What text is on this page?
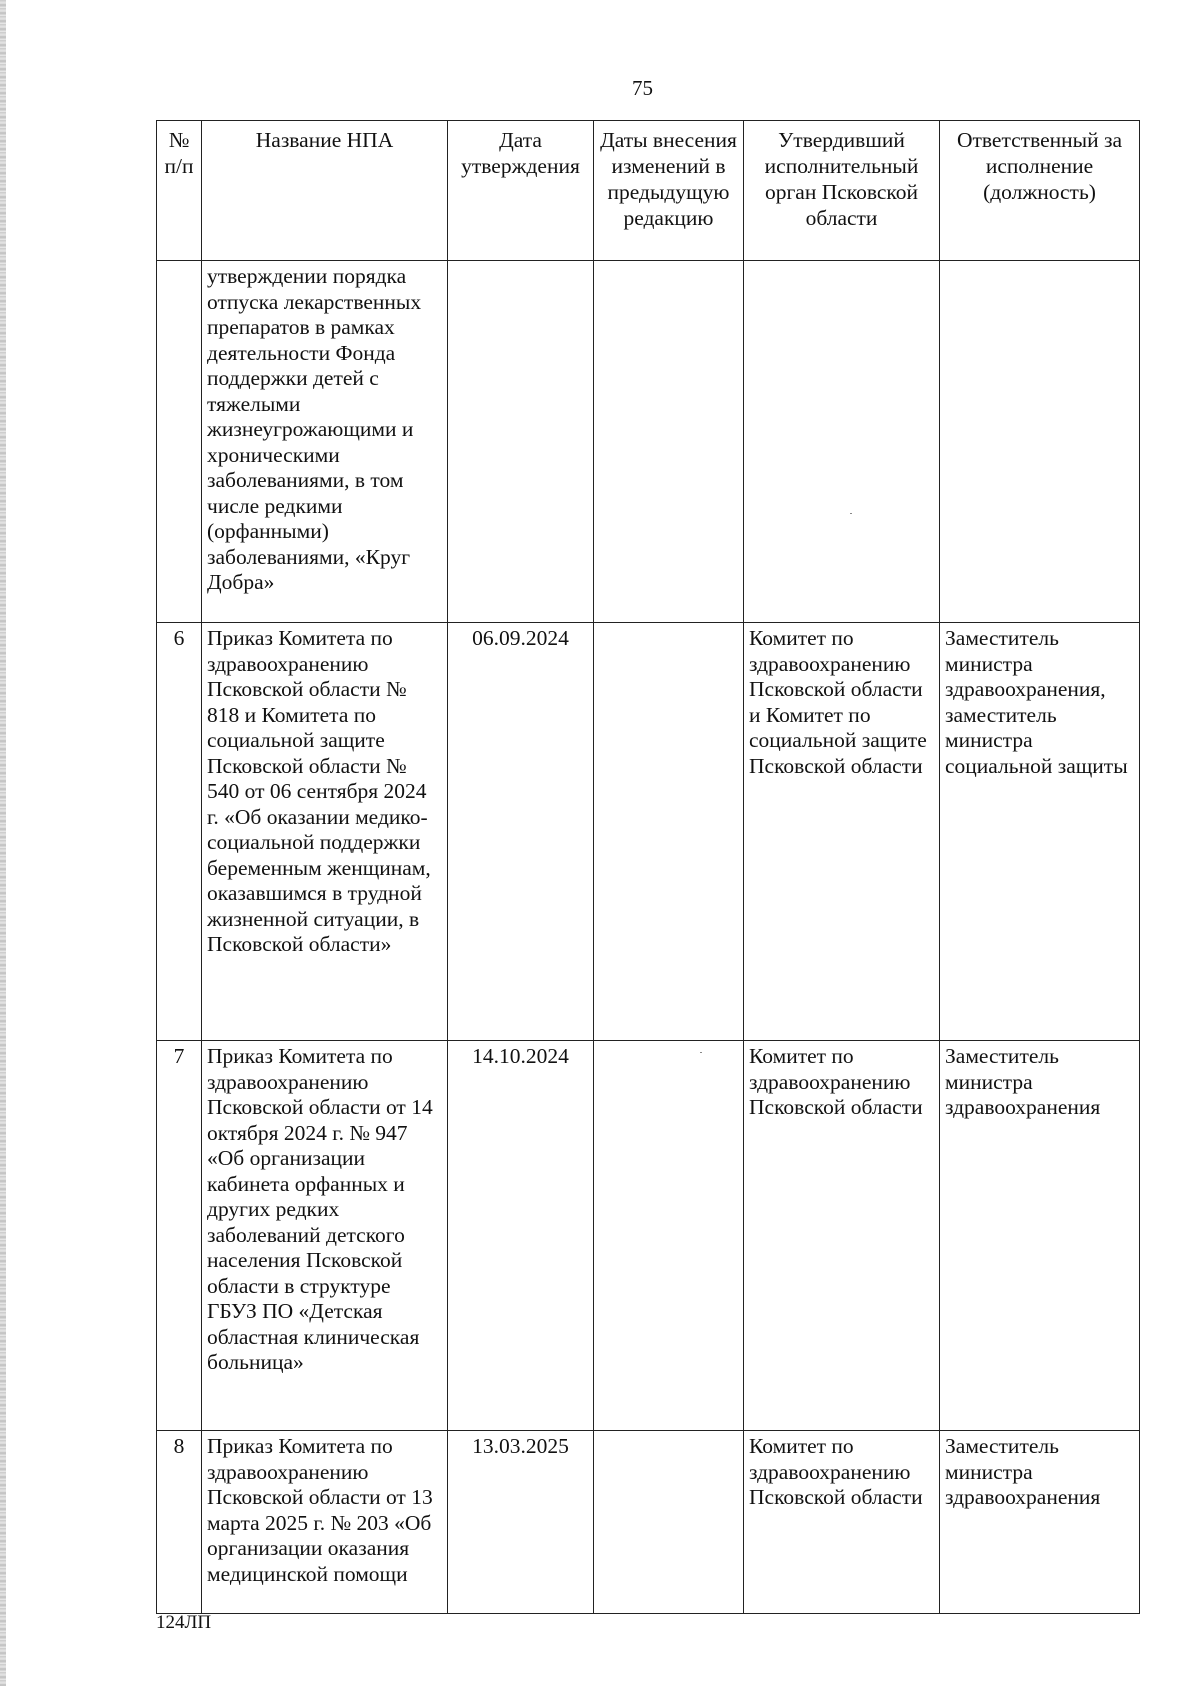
75
№ п/п	Название НПА	Дата утверждения	Даты внесения изменений в предыдущую редакцию	Утвердивший исполнительный орган Псковской области	Ответственный за исполнение (должность)
	утверждении порядка отпуска лекарственных препаратов в рамках деятельности Фонда поддержки детей с тяжелыми жизнеугрожающими и хроническими заболеваниями, в том числе редкими (орфанными) заболеваниями, «Круг Добра»				
6	Приказ Комитета по здравоохранению Псковской области № 818 и Комитета по социальной защите Псковской области № 540 от 06 сентября 2024 г. «Об оказании медико-социальной поддержки беременным женщинам, оказавшимся в трудной жизненной ситуации, в Псковской области»	06.09.2024		Комитет по здравоохранению Псковской области и Комитет по социальной защите Псковской области	Заместитель министра здравоохранения, заместитель министра социальной защиты
7	Приказ Комитета по здравоохранению Псковской области от 14 октября 2024 г. № 947 «Об организации кабинета орфанных и других редких заболеваний детского населения Псковской области в структуре ГБУЗ ПО «Детская областная клиническая больница»	14.10.2024		Комитет по здравоохранению Псковской области	Заместитель министра здравоохранения
8	Приказ Комитета по здравоохранению Псковской области от 13 марта 2025 г. № 203 «Об организации оказания медицинской помощи	13.03.2025		Комитет по здравоохранению Псковской области	Заместитель министра здравоохранения
124ЛП
